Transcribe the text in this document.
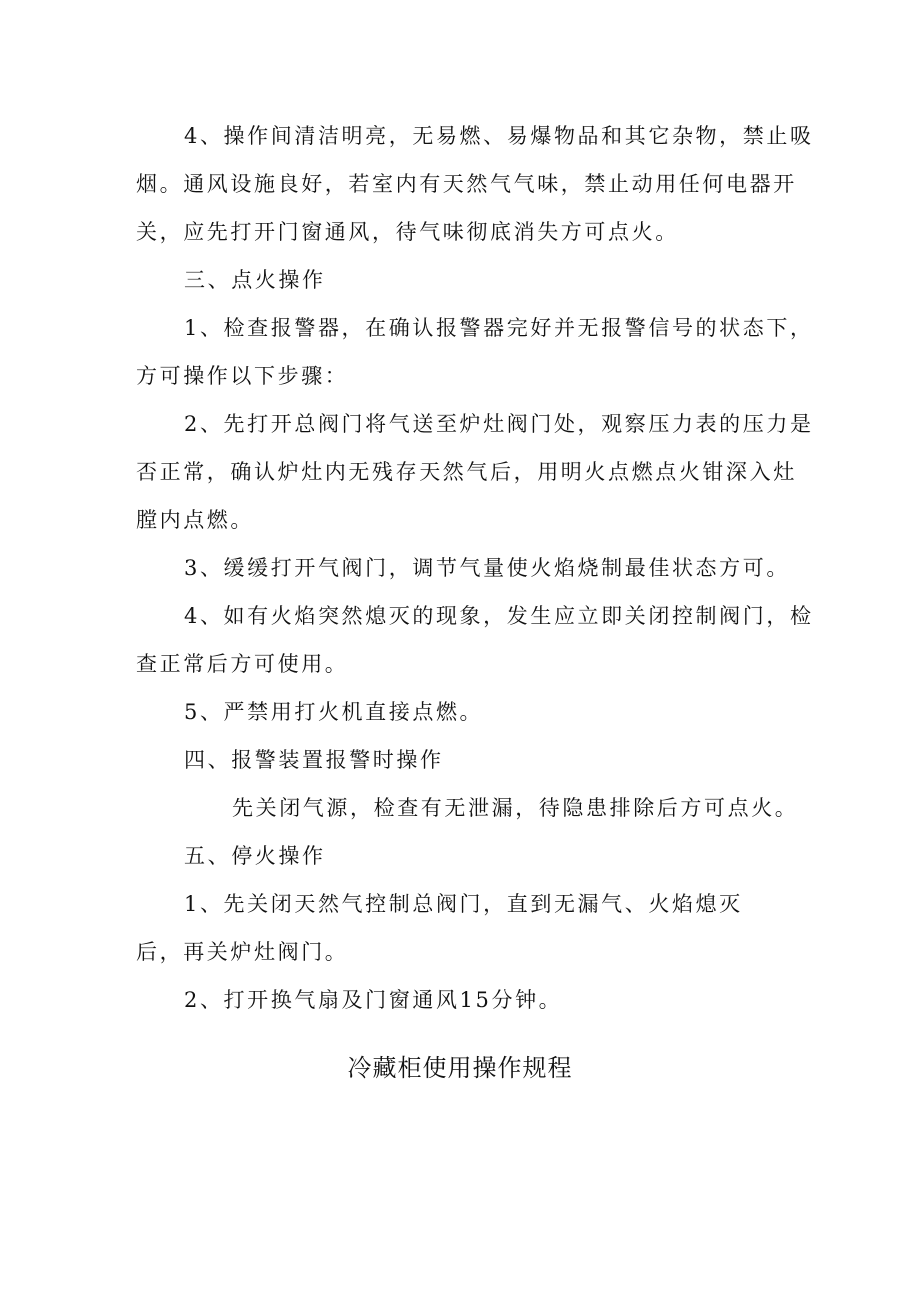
4、操作间清洁明亮，无易燃、易爆物品和其它杂物，禁止吸
烟。通风设施良好，若室内有天然气气味，禁止动用任何电器开
关，应先打开门窗通风，待气味彻底消失方可点火。
三、点火操作
1、检查报警器，在确认报警器完好并无报警信号的状态下，
方可操作以下步骤：
2、先打开总阀门将气送至炉灶阀门处，观察压力表的压力是
否正常，确认炉灶内无残存天然气后，用明火点燃点火钳深入灶
膛内点燃。
3、缓缓打开气阀门，调节气量使火焰烧制最佳状态方可。
4、如有火焰突然熄灭的现象，发生应立即关闭控制阀门，检
查正常后方可使用。
5、严禁用打火机直接点燃。
四、报警装置报警时操作
先关闭气源，检查有无泄漏，待隐患排除后方可点火。
五、停火操作
1、先关闭天然气控制总阀门，直到无漏气、火焰熄灭
后，再关炉灶阀门。
2、打开换气扇及门窗通风15分钟。
冷藏柜使用操作规程
